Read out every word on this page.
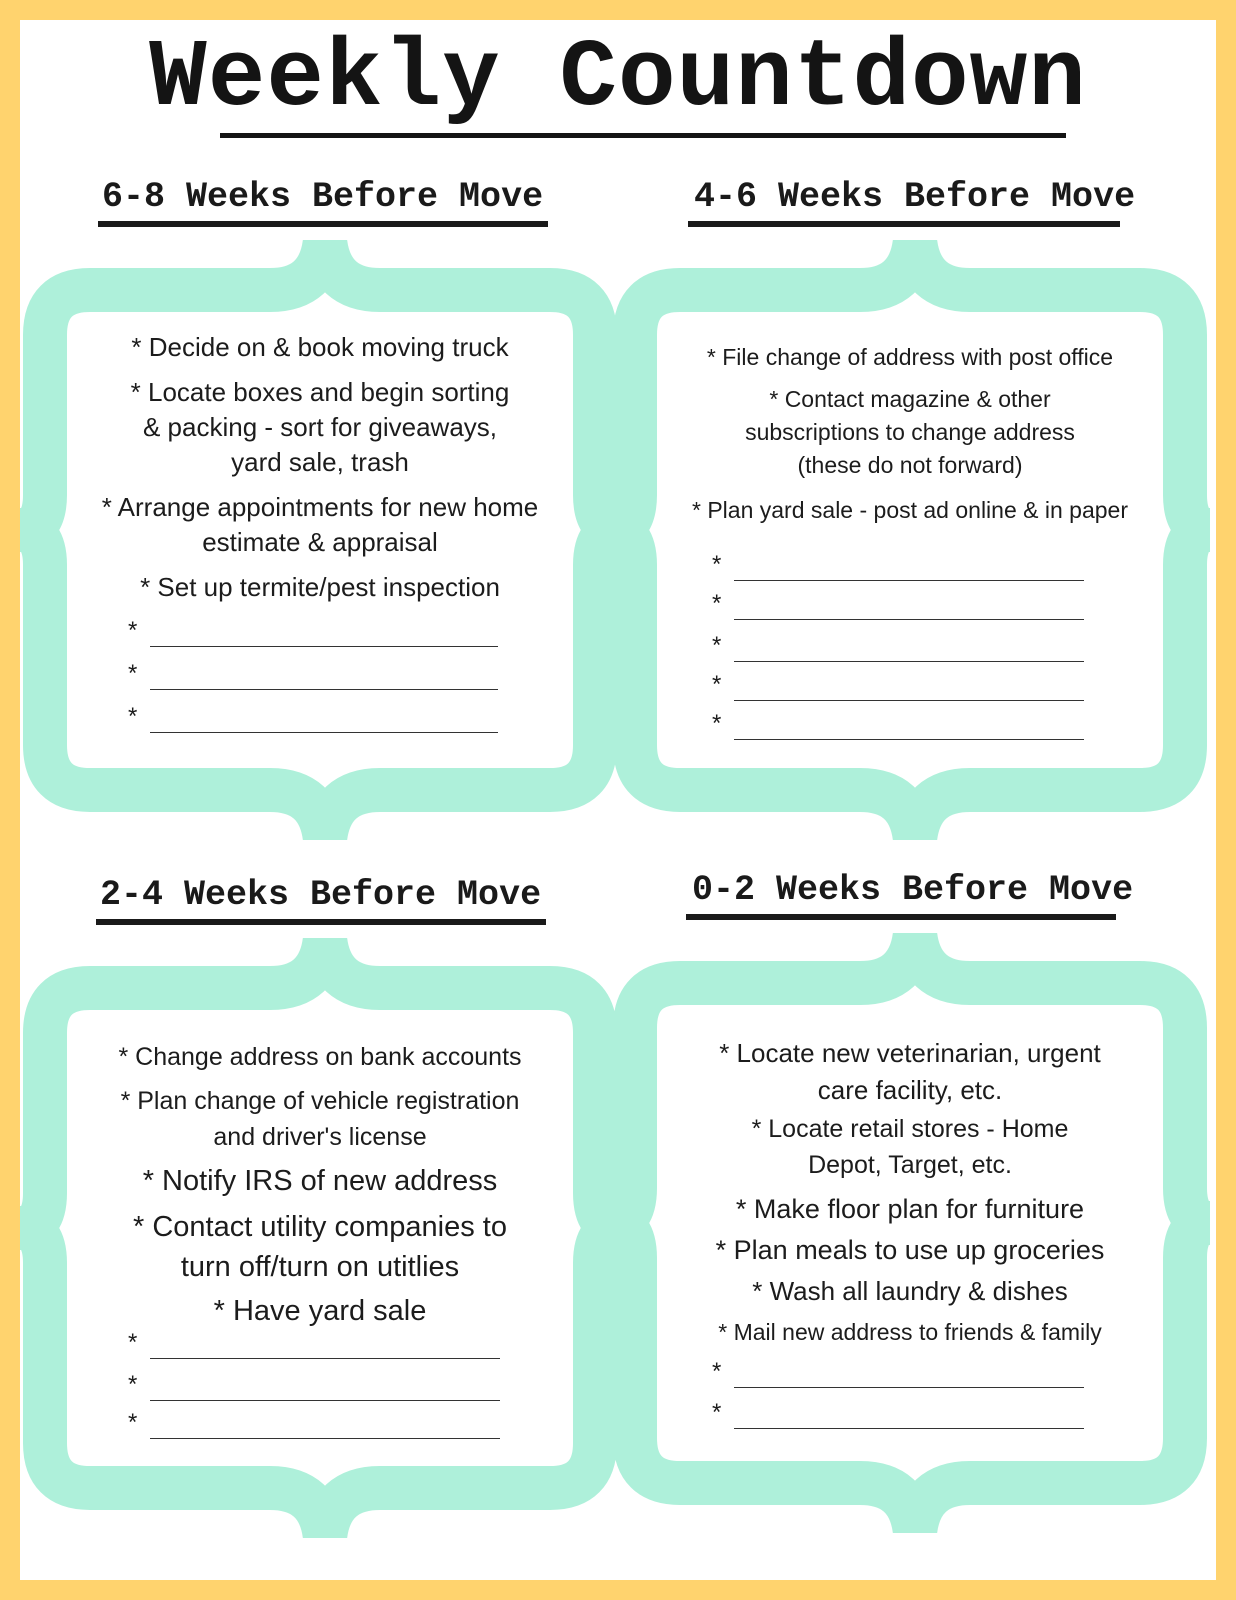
Weekly Countdown
6-8 Weeks Before Move
* Decide on & book moving truck
* Locate boxes and begin sorting
& packing - sort for giveaways,
yard sale, trash
* Arrange appointments for new home
estimate & appraisal
* Set up termite/pest inspection
*
*
*
4-6 Weeks Before Move
* File change of address with post office
* Contact magazine & other
subscriptions to change address
(these do not forward)
* Plan yard sale - post ad online & in paper
*
*
*
*
*
2-4 Weeks Before Move
* Change address on bank accounts
* Plan change of vehicle registration
and driver's license
* Notify IRS of new address
* Contact utility companies to
turn off/turn on utitlies
* Have yard sale
*
*
*
0-2 Weeks Before Move
* Locate new veterinarian, urgent
care facility, etc.
* Locate retail stores - Home
Depot, Target, etc.
* Make floor plan for furniture
* Plan meals to use up groceries
* Wash all laundry & dishes
* Mail new address to friends & family
*
*
